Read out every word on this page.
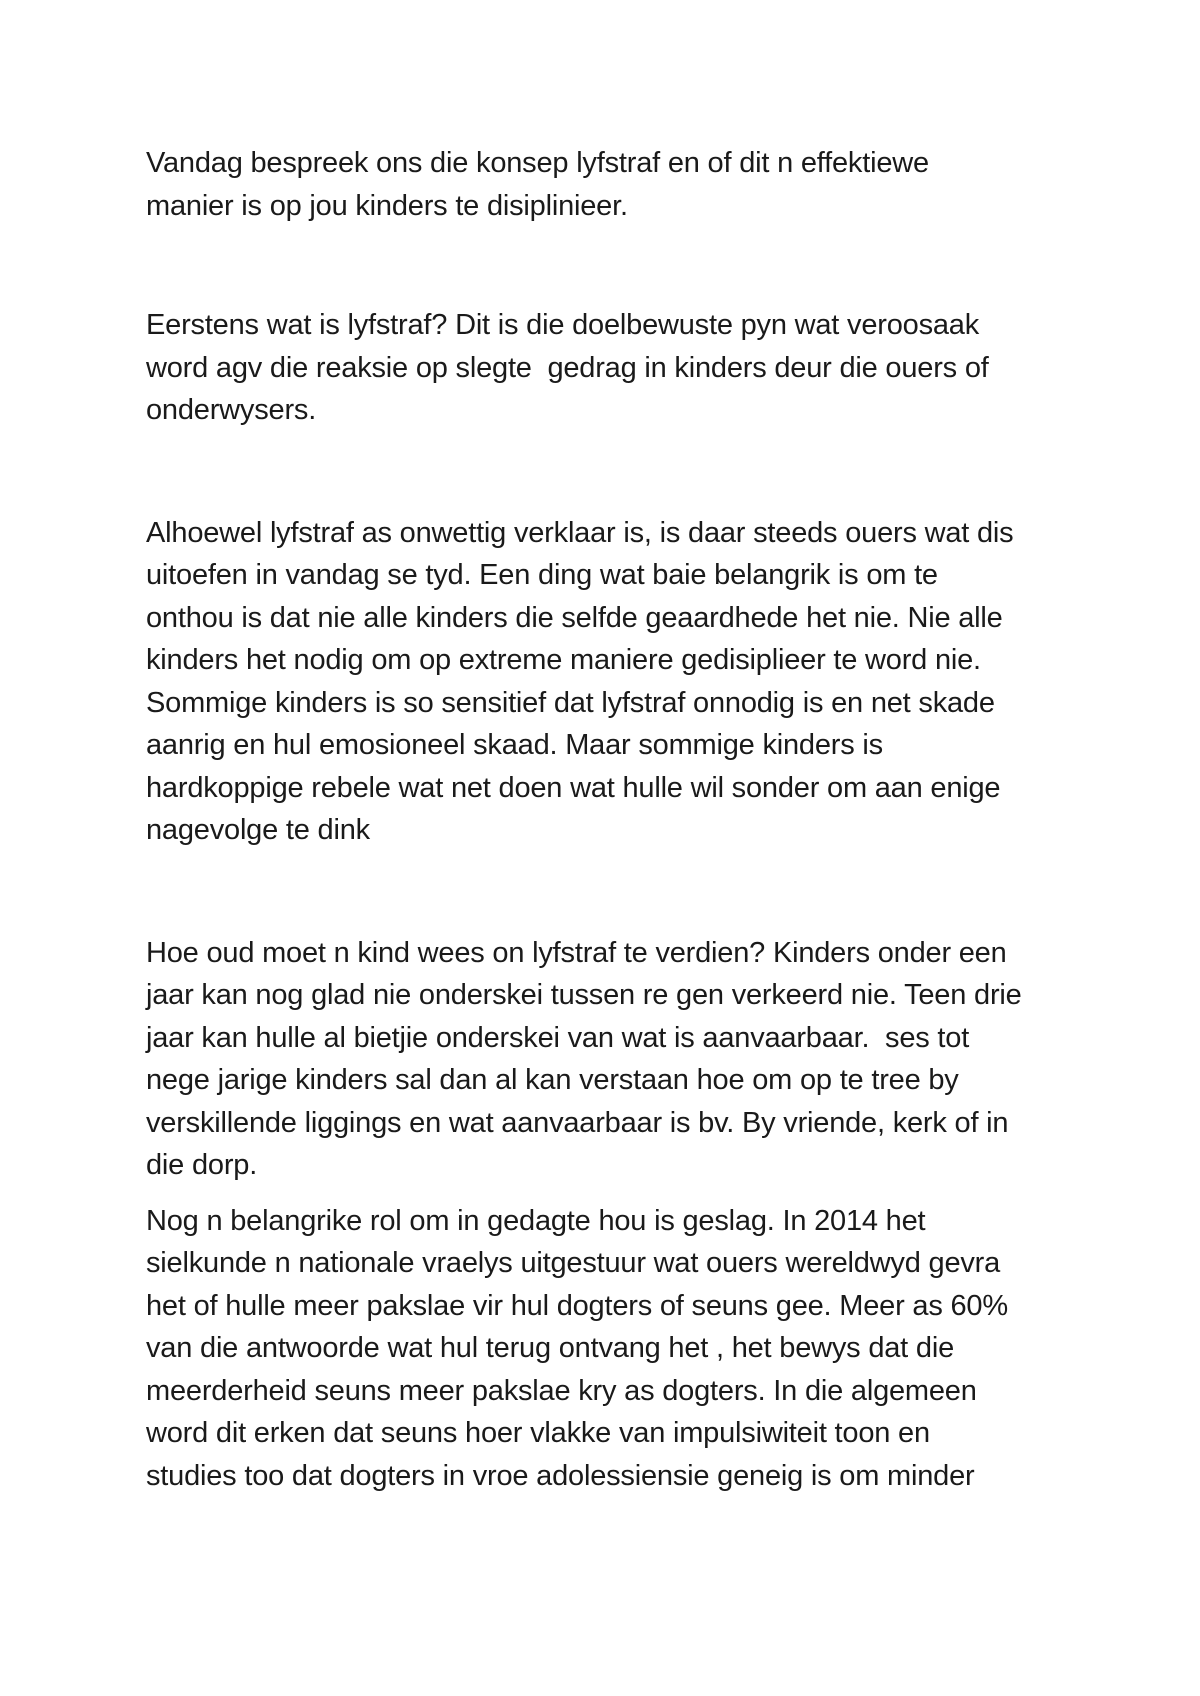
Vandag bespreek ons die konsep lyfstraf en of dit n effektiewe
manier is op jou kinders te disiplinieer.

Eerstens wat is lyfstraf? Dit is die doelbewuste pyn wat veroosaak
word agv die reaksie op slegte  gedrag in kinders deur die ouers of
onderwysers.

Alhoewel lyfstraf as onwettig verklaar is, is daar steeds ouers wat dis
uitoefen in vandag se tyd. Een ding wat baie belangrik is om te
onthou is dat nie alle kinders die selfde geaardhede het nie. Nie alle
kinders het nodig om op extreme maniere gedisiplieer te word nie.
Sommige kinders is so sensitief dat lyfstraf onnodig is en net skade
aanrig en hul emosioneel skaad. Maar sommige kinders is
hardkoppige rebele wat net doen wat hulle wil sonder om aan enige
nagevolge te dink

Hoe oud moet n kind wees on lyfstraf te verdien? Kinders onder een
jaar kan nog glad nie onderskei tussen re gen verkeerd nie. Teen drie
jaar kan hulle al bietjie onderskei van wat is aanvaarbaar.  ses tot
nege jarige kinders sal dan al kan verstaan hoe om op te tree by
verskillende liggings en wat aanvaarbaar is bv. By vriende, kerk of in
die dorp.

Nog n belangrike rol om in gedagte hou is geslag. In 2014 het
sielkunde n nationale vraelys uitgestuur wat ouers wereldwyd gevra
het of hulle meer pakslae vir hul dogters of seuns gee. Meer as 60%
van die antwoorde wat hul terug ontvang het , het bewys dat die
meerderheid seuns meer pakslae kry as dogters. In die algemeen
word dit erken dat seuns hoer vlakke van impulsiwiteit toon en
studies too dat dogters in vroe adolessiensie geneig is om minder
